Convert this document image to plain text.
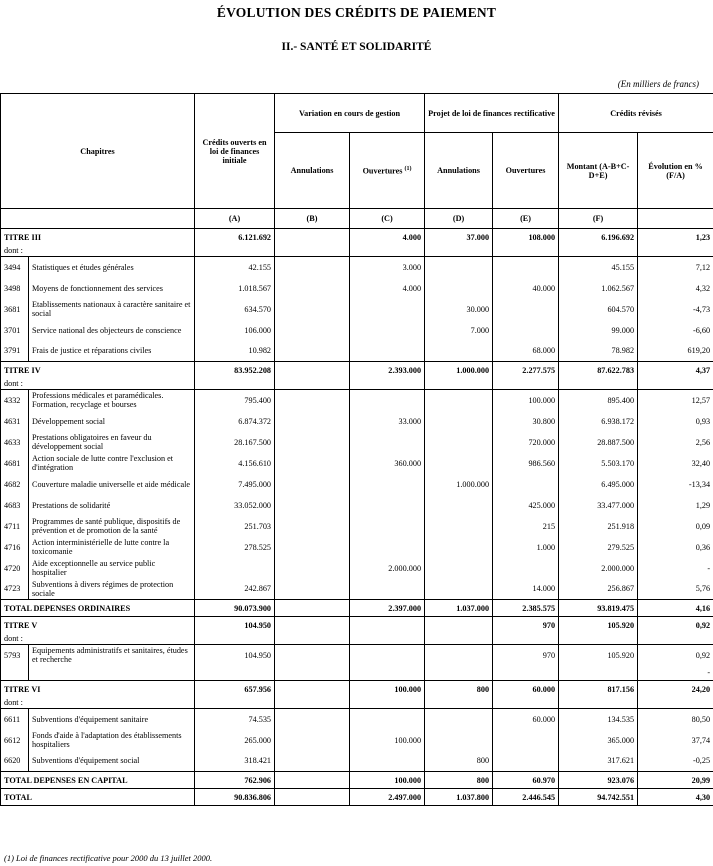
ÉVOLUTION DES CRÉDITS DE PAIEMENT
II.- SANTÉ ET SOLIDARITÉ
(En milliers de francs)
Chapitres		Crédits ouverts en loi de finances initiale	Variation en cours de gestion		Projet de loi de finances rectificative		Crédits révisés	
			Annulations	Ouvertures $^{(1)}$	Annulations	Ouvertures	Montant (A-B+C-D+E)	Évolution en % (F/A)
		(A)	(B)	(C)	(D)	(E)	(F)	
TITRE III		6.121.692		4.000	37.000	108.000	6.196.692	1,23
dont :								
3494	Statistiques et études générales	42.155		3.000			45.155	7,12
3498	Moyens de fonctionnement des services	1.018.567		4.000		40.000	1.062.567	4,32
3681	Etablissements nationaux à caractère sanitaire et social	634.570			30.000		604.570	-4,73
3701	Service national des objecteurs de conscience	106.000			7.000		99.000	-6,60
3791	Frais de justice et réparations civiles	10.982				68.000	78.982	619,20
TITRE IV		83.952.208		2.393.000	1.000.000	2.277.575	87.622.783	4,37
dont :								
4332	Professions médicales et paramédicales. Formation, recyclage et bourses	795.400				100.000	895.400	12,57
4631	Développement social	6.874.372		33.000		30.800	6.938.172	0,93
4633	Prestations obligatoires en faveur du développement social	28.167.500				720.000	28.887.500	2,56
4681	Action sociale de lutte contre l'exclusion et d'intégration	4.156.610		360.000		986.560	5.503.170	32,40
4682	Couverture maladie universelle et aide médicale	7.495.000			1.000.000		6.495.000	-13,34
4683	Prestations de solidarité	33.052.000				425.000	33.477.000	1,29
4711	Programmes de santé publique, dispositifs de prévention et de promotion de la santé	251.703				215	251.918	0,09
4716	Action interministérielle de lutte contre la toxicomanie	278.525				1.000	279.525	0,36
4720	Aide exceptionnelle au service public hospitalier			2.000.000			2.000.000	-
4723	Subventions à divers régimes de protection sociale	242.867				14.000	256.867	5,76
TOTAL DEPENSES ORDINAIRES		90.073.900		2.397.000	1.037.000	2.385.575	93.819.475	4,16
TITRE V		104.950				970	105.920	0,92
dont :								
5793	Equipements administratifs et sanitaires, études et recherche	104.950				970	105.920	0,92
								-
TITRE VI		657.956		100.000	800	60.000	817.156	24,20
dont :								
6611	Subventions d'équipement sanitaire	74.535				60.000	134.535	80,50
6612	Fonds d'aide à l'adaptation des établissements hospitaliers	265.000		100.000			365.000	37,74
6620	Subventions d'équipement social	318.421			800		317.621	-0,25
TOTAL DEPENSES EN CAPITAL		762.906		100.000	800	60.970	923.076	20,99
TOTAL		90.836.806		2.497.000	1.037.800	2.446.545	94.742.551	4,30
(1) Loi de finances rectificative pour 2000 du 13 juillet 2000.
